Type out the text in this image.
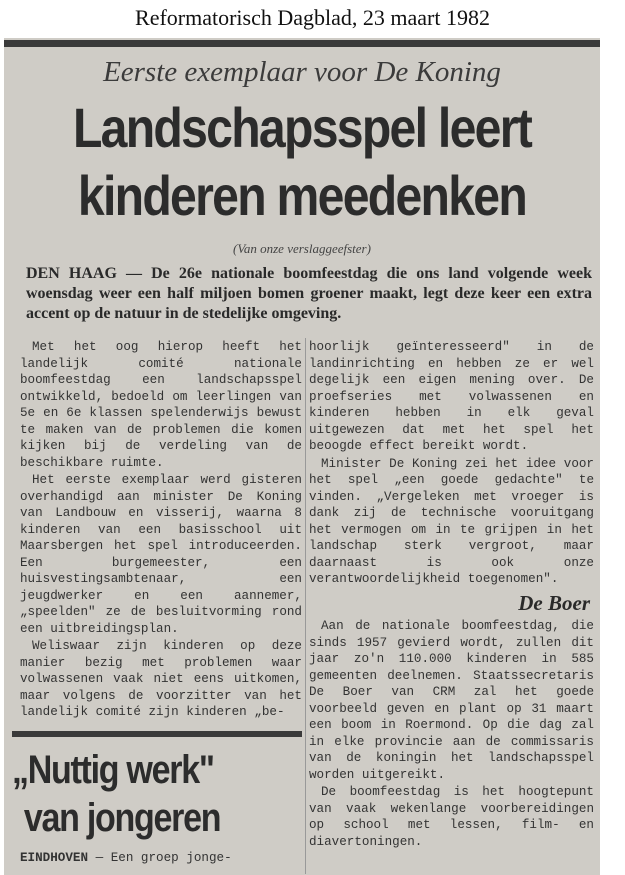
Reformatorisch Dagblad, 23 maart 1982
Eerste exemplaar voor De Koning
Landschapsspel leert
kinderen meedenken
(Van onze verslaggeefster)
DEN HAAG — De 26e nationale boomfeestdag die ons land volgende week woensdag weer een half miljoen bomen groener maakt, legt deze keer een extra accent op de natuur in de stedelijke omgeving.

Met het oog hierop heeft het landelijk comité nationale boomfeestdag een landschapsspel ontwikkeld, bedoeld om leerlingen van 5e en 6e klassen spelenderwijs bewust te maken van de problemen die komen kijken bij de verdeling van de beschikbare ruimte.

Het eerste exemplaar werd gisteren overhandigd aan minister De Koning van Landbouw en visserij, waarna 8 kinderen van een basisschool uit Maarsbergen het spel introduceerden. Een burgemeester, een huisvestingsambtenaar, een jeugdwerker en een aannemer, „speelden" ze de besluitvorming rond een uitbreidingsplan.

Weliswaar zijn kinderen op deze manier bezig met problemen waar volwassenen vaak niet eens uitkomen, maar volgens de voorzitter van het landelijk comité zijn kinderen „be-

hoorlijk geïnteresseerd" in de landinrichting en hebben ze er wel degelijk een eigen mening over. De proefseries met volwassenen en kinderen hebben in elk geval uitgewezen dat met het spel het beoogde effect bereikt wordt.

Minister De Koning zei het idee voor het spel „een goede gedachte" te vinden. „Vergeleken met vroeger is dank zij de technische vooruitgang het vermogen om in te grijpen in het landschap sterk vergroot, maar daarnaast is ook onze verantwoordelijkheid toegenomen".

De Boer

Aan de nationale boomfeestdag, die sinds 1957 gevierd wordt, zullen dit jaar zo'n 110.000 kinderen in 585 gemeenten deelnemen. Staatssecretaris De Boer van CRM zal het goede voorbeeld geven en plant op 31 maart een boom in Roermond. Op die dag zal in elke provincie aan de commissaris van de koningin het landschapsspel worden uitgereikt.

De boomfeestdag is het hoogtepunt van vaak wekenlange voorbereidingen op school met lessen, film- en diavertoningen.

„Nuttig werk"
van jongeren
EINDHOVEN — Een groep jonge-
